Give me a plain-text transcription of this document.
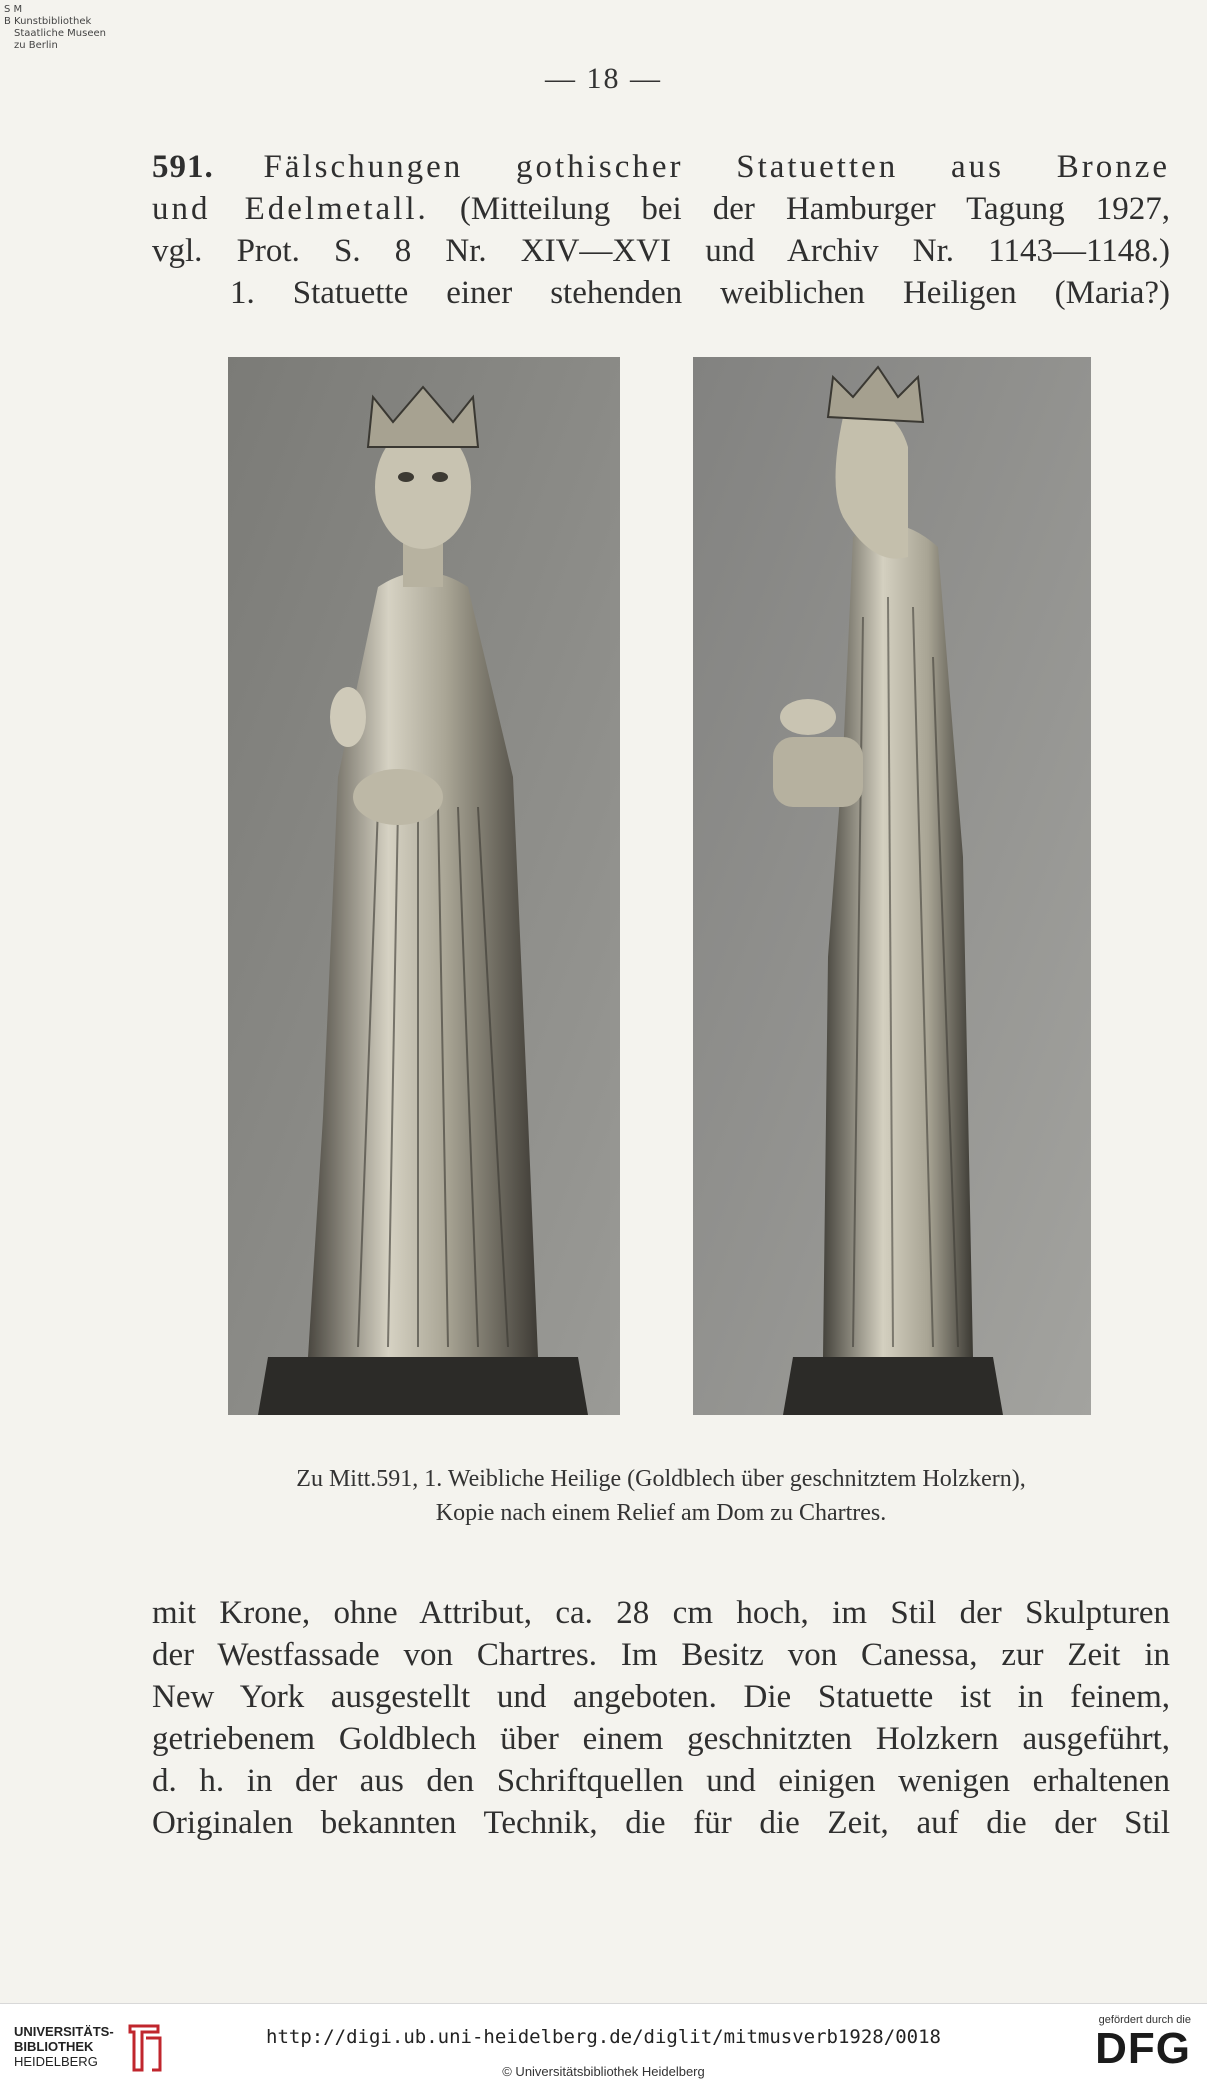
S M
B Kunstbibliothek
Staatliche Museen
zu Berlin
— 18 —
591. Fälschungen gothischer Statuetten aus Bronze
und Edelmetall. (Mitteilung bei der Hamburger Tagung 1927,
vgl. Prot. S. 8 Nr. XIV—XVI und Archiv Nr. 1143—1148.)
1. Statuette einer stehenden weiblichen Heiligen (Maria?)
Zu Mitt.591, 1. Weibliche Heilige (Goldblech über geschnitztem Holzkern),
Kopie nach einem Relief am Dom zu Chartres.
mit Krone, ohne Attribut, ca. 28 cm hoch, im Stil der Skulpturen
der Westfassade von Chartres. Im Besitz von Canessa, zur Zeit in
New York ausgestellt und angeboten. Die Statuette ist in feinem,
getriebenem Goldblech über einem geschnitzten Holzkern ausgeführt,
d. h. in der aus den Schriftquellen und einigen wenigen erhaltenen
Originalen bekannten Technik, die für die Zeit, auf die der Stil
UNIVERSITÄTS-
BIBLIOTHEK
HEIDELBERG
http://digi.ub.uni-heidelberg.de/diglit/mitmusverb1928/0018
© Universitätsbibliothek Heidelberg
gefördert durch die
DFG
